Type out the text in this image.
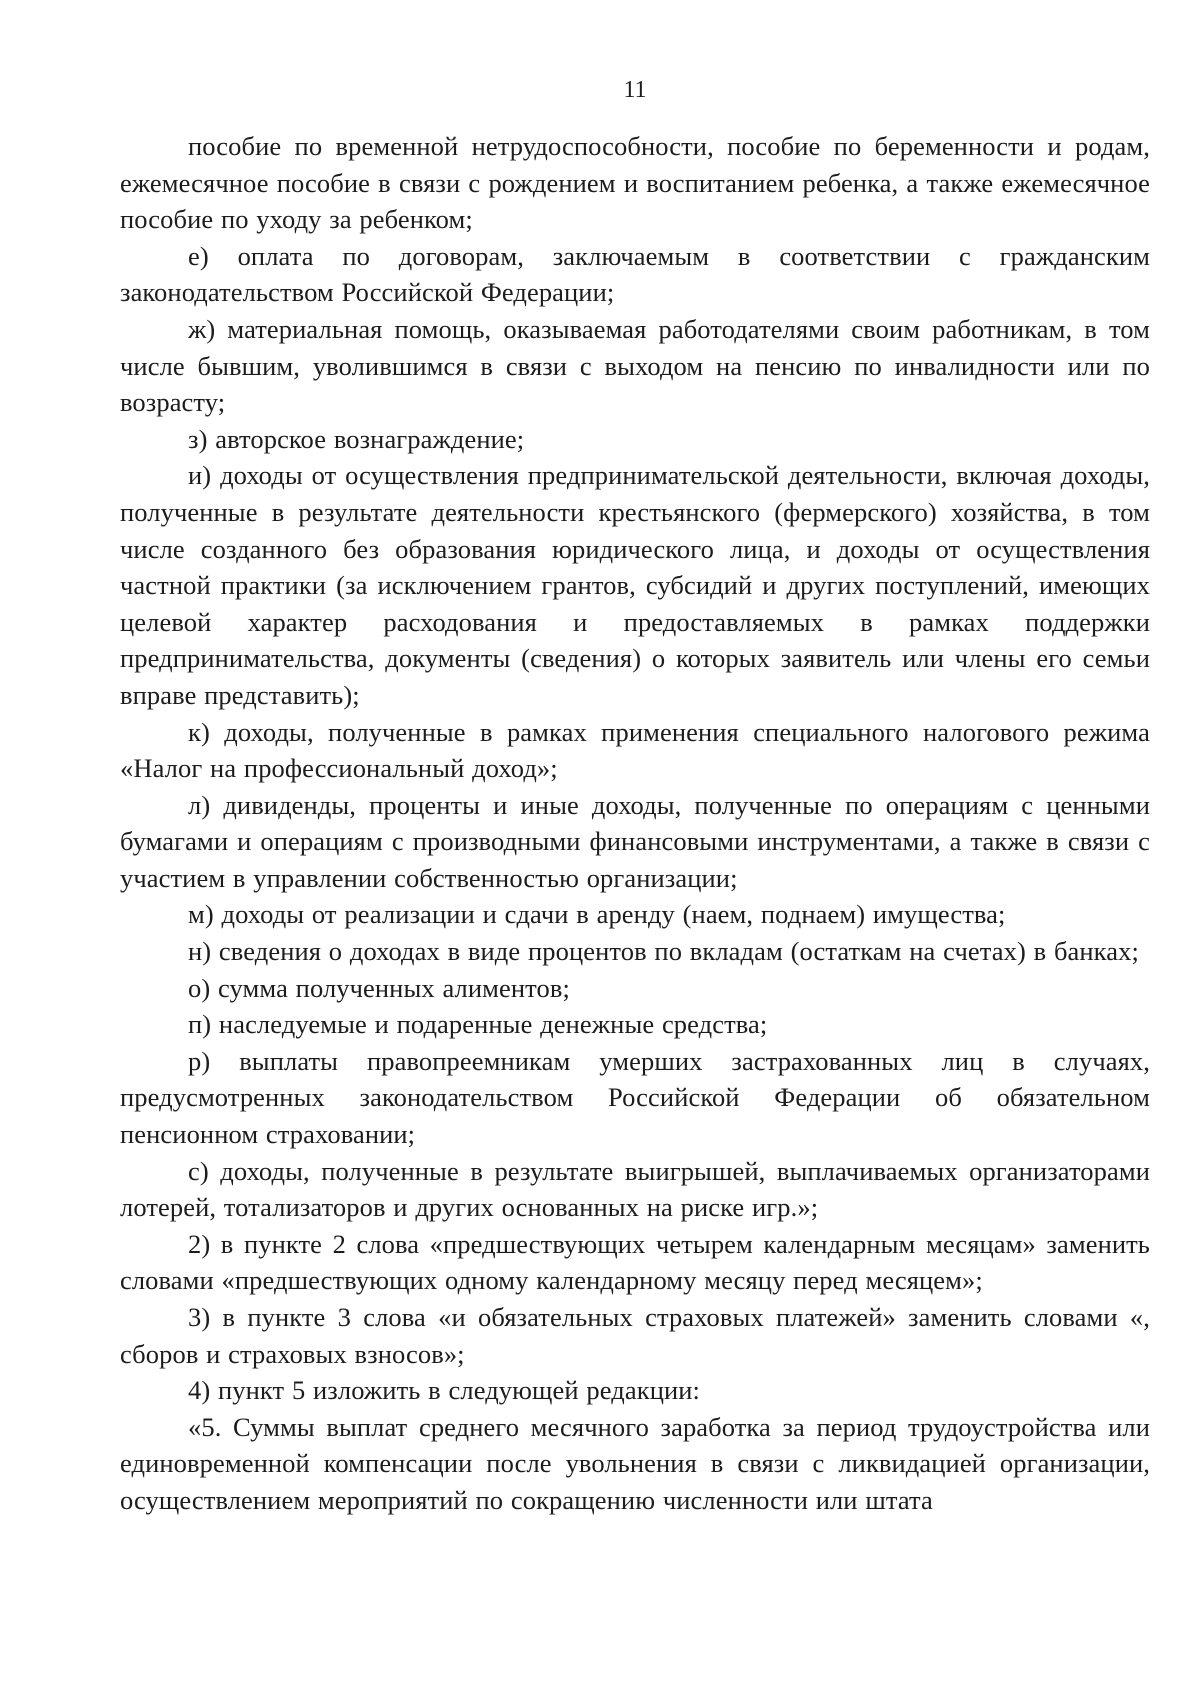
11

пособие по временной нетрудоспособности, пособие по беременности и родам, ежемесячное пособие в связи с рождением и воспитанием ребенка, а также ежемесячное пособие по уходу за ребенком;

е) оплата по договорам, заключаемым в соответствии с гражданским законодательством Российской Федерации;

ж) материальная помощь, оказываемая работодателями своим работникам, в том числе бывшим, уволившимся в связи с выходом на пенсию по инвалидности или по возрасту;

з) авторское вознаграждение;

и) доходы от осуществления предпринимательской деятельности, включая доходы, полученные в результате деятельности крестьянского (фермерского) хозяйства, в том числе созданного без образования юридического лица, и доходы от осуществления частной практики (за исключением грантов, субсидий и других поступлений, имеющих целевой характер расходования и предоставляемых в рамках поддержки предпринимательства, документы (сведения) о которых заявитель или члены его семьи вправе представить);

к) доходы, полученные в рамках применения специального налогового режима «Налог на профессиональный доход»;

л) дивиденды, проценты и иные доходы, полученные по операциям с ценными бумагами и операциям с производными финансовыми инструментами, а также в связи с участием в управлении собственностью организации;

м) доходы от реализации и сдачи в аренду (наем, поднаем) имущества;

н) сведения о доходах в виде процентов по вкладам (остаткам на счетах) в банках;

о) сумма полученных алиментов;

п) наследуемые и подаренные денежные средства;

р) выплаты правопреемникам умерших застрахованных лиц в случаях, предусмотренных законодательством Российской Федерации об обязательном пенсионном страховании;

с) доходы, полученные в результате выигрышей, выплачиваемых организаторами лотерей, тотализаторов и других основанных на риске игр.»;

2) в пункте 2 слова «предшествующих четырем календарным месяцам» заменить словами «предшествующих одному календарному месяцу перед месяцем»;

3) в пункте 3 слова «и обязательных страховых платежей» заменить словами «, сборов и страховых взносов»;

4) пункт 5 изложить в следующей редакции:

«5. Суммы выплат среднего месячного заработка за период трудоустройства или единовременной компенсации после увольнения в связи с ликвидацией организации, осуществлением мероприятий по сокращению численности или штата
